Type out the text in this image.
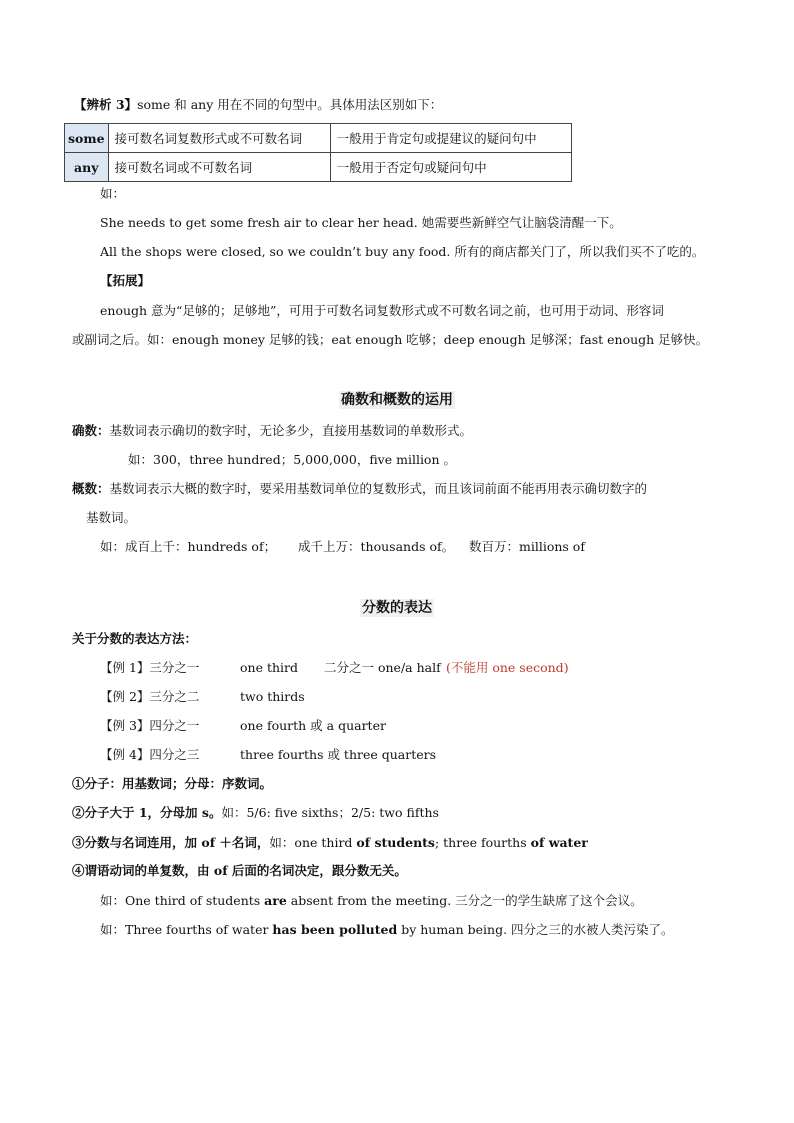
【辨析 3】some 和 any 用在不同的句型中。具体用法区别如下：
some	接可数名词复数形式或不可数名词	一般用于肯定句或提建议的疑问句中
any	接可数名词或不可数名词	一般用于否定句或疑问句中
如：
She needs to get some fresh air to clear her head. 她需要些新鲜空气让脑袋清醒一下。
All the shops were closed, so we couldn’t buy any food. 所有的商店都关门了，所以我们买不了吃的。
【拓展】
enough 意为“足够的；足够地”，可用于可数名词复数形式或不可数名词之前，也可用于动词、形容词
或副词之后。如：enough money 足够的钱；eat enough 吃够；deep enough 足够深；fast enough 足够快。
确数和概数的运用
确数：基数词表示确切的数字时，无论多少，直接用基数词的单数形式。
如：300，three hundred；5,000,000，five million 。
概数：基数词表示大概的数字时，要采用基数词单位的复数形式，而且该词前面不能再用表示确切数字的
基数词。
如：成百上千：hundreds of； 成千上万：thousands of。 数百万：millions of
分数的表达
关于分数的表达方法：
【例 1】三分之一	one third 二分之一 one/a half (不能用 one second)
【例 2】三分之二	two thirds
【例 3】四分之一	one fourth 或 a quarter
【例 4】四分之三	three fourths 或 three quarters
①分子：用基数词；分母：序数词。
②分子大于 1，分母加 s。如：5/6: five sixths；2/5: two fifths
③分数与名词连用，加 of ＋名词，如：one third of students; three fourths of water
④谓语动词的单复数，由 of 后面的名词决定，跟分数无关。
如：One third of students are absent from the meeting. 三分之一的学生缺席了这个会议。
如：Three fourths of water has been polluted by human being. 四分之三的水被人类污染了。
